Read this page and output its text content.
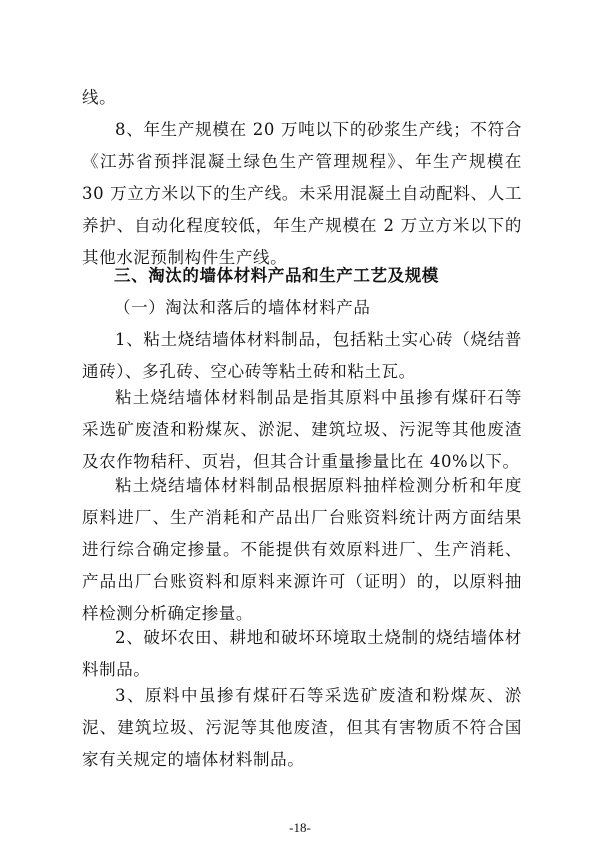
线。

8、年生产规模在 20 万吨以下的砂浆生产线；不符合《江苏省预拌混凝土绿色生产管理规程》、年生产规模在 30 万立方米以下的生产线。未采用混凝土自动配料、人工养护、自动化程度较低，年生产规模在 2 万立方米以下的其他水泥预制构件生产线。

三、淘汰的墙体材料产品和生产工艺及规模

（一）淘汰和落后的墙体材料产品

1、粘土烧结墙体材料制品，包括粘土实心砖（烧结普通砖）、多孔砖、空心砖等粘土砖和粘土瓦。

粘土烧结墙体材料制品是指其原料中虽掺有煤矸石等采选矿废渣和粉煤灰、淤泥、建筑垃圾、污泥等其他废渣及农作物秸秆、页岩，但其合计重量掺量比在 40%以下。

粘土烧结墙体材料制品根据原料抽样检测分析和年度原料进厂、生产消耗和产品出厂台账资料统计两方面结果进行综合确定掺量。不能提供有效原料进厂、生产消耗、产品出厂台账资料和原料来源许可（证明）的，以原料抽样检测分析确定掺量。

2、破坏农田、耕地和破坏环境取土烧制的烧结墙体材料制品。

3、原料中虽掺有煤矸石等采选矿废渣和粉煤灰、淤泥、建筑垃圾、污泥等其他废渣，但其有害物质不符合国家有关规定的墙体材料制品。

-18-
